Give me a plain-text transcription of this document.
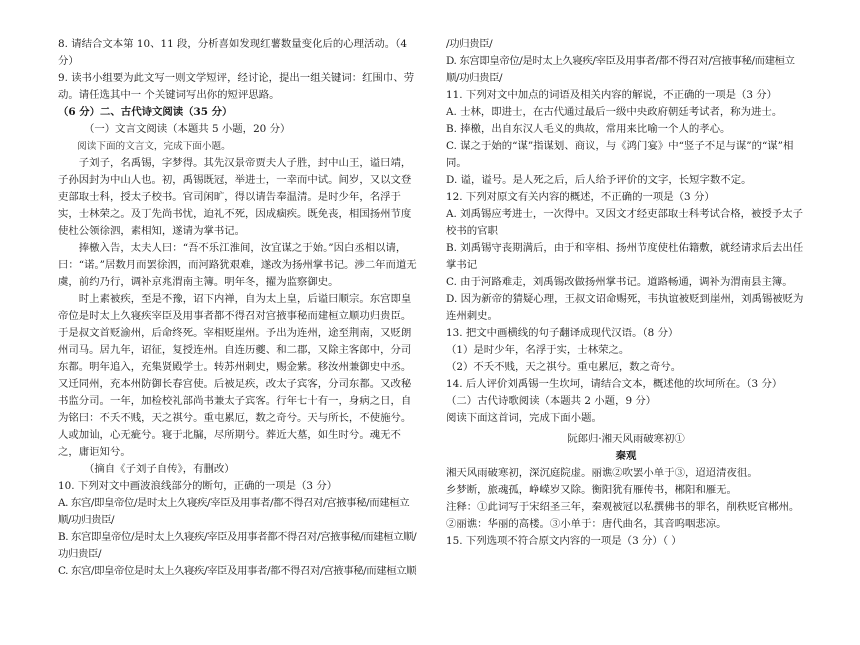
8. 请结合文本第 10、11 段，分析喜如发现红薯数量变化后的心理活动。（4 分）

9. 读书小组要为此文写一则文学短评，经讨论，提出一组关键词：红围巾、劳动。请任选其中一 个关键词写出你的短评思路。

（6 分）二、古代诗文阅读（35 分）

（一）文言文阅读（本题共 5 小题，20 分）

阅读下面的文言文，完成下面小题。

子刘子，名禹锡，字梦得。其先汉景帝贾夫人子胜，封中山王，谥曰靖，子孙因封为中山人也。初，禹锡既冠，举进士，一幸而中试。间岁，又以文登吏部取士科，授太子校书。官司闲旷，得以请告奉温清。是时少年，名浮于实，士林荣之。及丁先尚书忧，迫礼不死，因成痼疾。既免丧，相国扬州节度使杜公领徐泗，素相知，遂请为掌书记。

捧檄入告，太夫人曰：“吾不乐江淮间，汝宜谋之于始。”因白丞相以请，曰：“诺。”居数月而罢徐泗，而河路犹艰难，遂改为扬州掌书记。涉二年而道无虞，前约乃行，调补京兆渭南主簿。明年冬，擢为监察御史。

时上素被疾，至是不豫，诏下内禅，自为太上皇，后谥曰顺宗。东宫即皇帝位是时太上久寝疾宰臣及用事者都不得召对宫掖事秘而建桓立顺功归贵臣。于是叔文首贬渝州，后命终死。宰相贬崖州。予出为连州，途至荆南，又贬朗州司马。居九年，诏征，复授连州。自连历夔、和二郡，又除主客郎中，分司东都。明年追入，充集贤殿学士。转苏州刺史，赐金紫。移汝州兼御史中丞。又迁同州，充本州防御长春宫使。后被足疾，改太子宾客，分司东都。又改秘书监分司。一年，加检校礼部尚书兼太子宾客。行年七十有一，身病之日，自为铭曰：不夭不贱，天之祺兮。重屯累厄，数之奇兮。天与所长，不使施兮。人或加讪，心无疵兮。寝于北牖，尽所期兮。葬近大墓，如生时兮。魂无不之，庸讵知兮。

（摘自《子刘子自传》，有删改）

10. 下列对文中画波浪线部分的断句，正确的一项是（3 分）

A. 东宫/即皇帝位/是时太上久寝疾/宰臣及用事者/都不得召对/宫掖事秘/而建桓立顺/功归贵臣/

B. 东宫即皇帝位/是时太上久寝疾/宰臣及用事者都不得召对/宫掖事秘/而建桓立顺/功归贵臣/

C. 东宫/即皇帝位是时太上久寝疾/宰臣及用事者/都不得召对/宫掖事秘/而建桓立顺

/功归贵臣/

D. 东宫即皇帝位/是时太上久寝疾/宰臣及用事者/都不得召对/宫掖事秘/而建桓立顺/功归贵臣/

11. 下列对文中加点的词语及相关内容的解说，不正确的一项是（3 分）

A. 士林，即进士，在古代通过最后一级中央政府朝廷考试者，称为进士。

B. 捧檄，出自东汉人毛义的典故，常用来比喻一个人的孝心。

C. 谋之于始的“谋”指谋划、商议，与《鸿门宴》中“竖子不足与谋”的“谋”相同。

D. 谥，谥号。是人死之后，后人给予评价的文字，长短字数不定。

12. 下列对原文有关内容的概述，不正确的一项是（3 分）

A. 刘禹锡应考进士，一次得中。又因文才经吏部取士科考试合格，被授予太子校书的官职

B. 刘禹锡守丧期满后，由于和宰相、扬州节度使杜佑籍敷，就经请求后去出任掌书记

C. 由于河路难走，刘禹锡改做扬州掌书记。道路畅通，调补为渭南县主簿。

D. 因为新帝的猜疑心理，王叔文诏命赐死，韦执谊被贬到崖州，刘禹锡被贬为连州刺史。

13. 把文中画横线的句子翻译成现代汉语。（8 分）

（1）是时少年，名浮于实，士林荣之。

（2）不夭不贱，天之祺兮。重屯累厄，数之奇兮。

14. 后人评价刘禹锡一生坎坷，请结合文本，概述他的坎坷所在。（3 分）

（二）古代诗歌阅读（本题共 2 小题，9 分）

阅读下面这首词，完成下面小题。

阮郎归·湘天风雨破寒初①

秦观

湘天风雨破寒初，深沉庭院虚。丽谯②吹罢小单于③，迢迢清夜徂。

乡梦断，旅魂孤，峥嵘岁又除。衡阳犹有雁传书，郴阳和雁无。

注释：①此词写于宋绍圣三年，秦观被冠以私撰佛书的罪名，削秩贬官郴州。②丽谯：华丽的高楼。③小单于：唐代曲名，其音呜咽悲凉。

15. 下列选项不符合原文内容的一项是（3 分）（ ）
